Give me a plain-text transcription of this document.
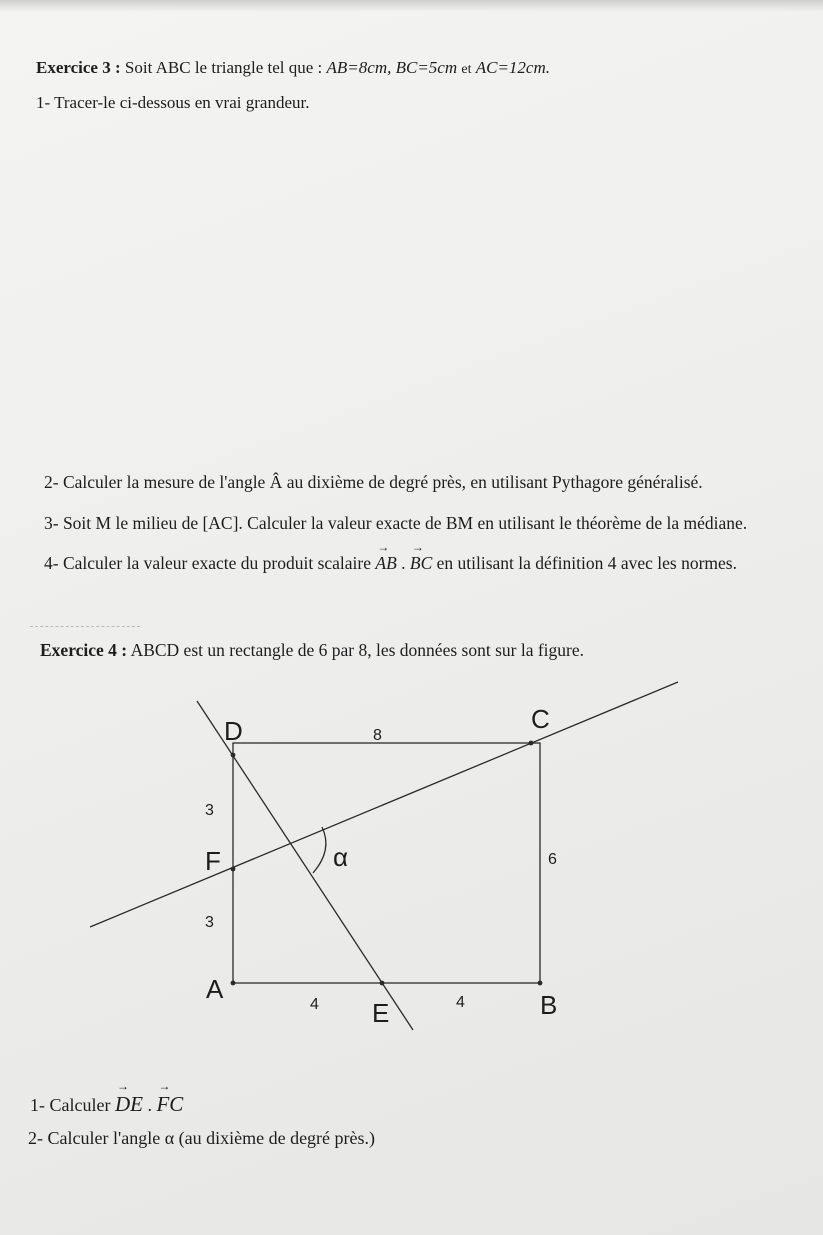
Exercice 3 : Soit ABC le triangle tel que : AB=8cm, BC=5cm et AC=12cm.
1- Tracer-le ci-dessous en vrai grandeur.
2- Calculer la mesure de l'angle Â au dixième de degré près, en utilisant Pythagore généralisé.
3- Soit M le milieu de [AC]. Calculer la valeur exacte de BM en utilisant le théorème de la médiane.
4- Calculer la valeur exacte du produit scalaire → AB . → BC en utilisant la définition 4 avec les normes.
Exercice 4 : ABCD est un rectangle de 6 par 8, les données sont sur la figure.
D	C
A
B
E
F	α
8
6
3
3
4	4
1- Calculer → DE . → FC
2- Calculer l'angle α (au dixième de degré près.)
